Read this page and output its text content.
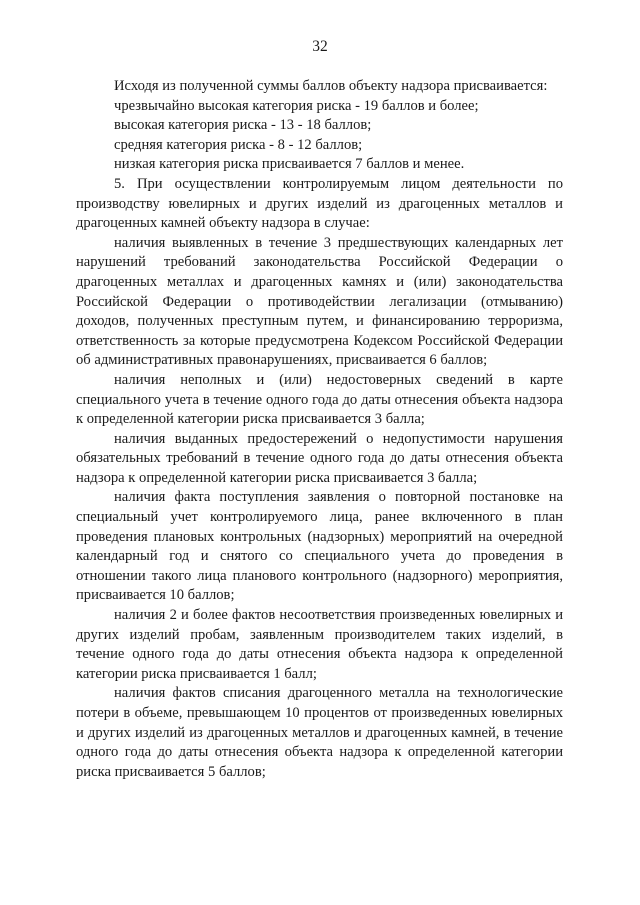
32

Исходя из полученной суммы баллов объекту надзора присваивается:

чрезвычайно высокая категория риска - 19 баллов и более;

высокая категория риска - 13 - 18 баллов;

средняя категория риска - 8 - 12 баллов;

низкая категория риска присваивается 7 баллов и менее.

5. При осуществлении контролируемым лицом деятельности по производству ювелирных и других изделий из драгоценных металлов и драгоценных камней объекту надзора в случае:

наличия выявленных в течение 3 предшествующих календарных лет нарушений требований законодательства Российской Федерации о драгоценных металлах и драгоценных камнях и (или) законодательства Российской Федерации о противодействии легализации (отмыванию) доходов, полученных преступным путем, и финансированию терроризма, ответственность за которые предусмотрена Кодексом Российской Федерации об административных правонарушениях, присваивается 6 баллов;

наличия неполных и (или) недостоверных сведений в карте специального учета в течение одного года до даты отнесения объекта надзора к определенной категории риска присваивается 3 балла;

наличия выданных предостережений о недопустимости нарушения обязательных требований в течение одного года до даты отнесения объекта надзора к определенной категории риска присваивается 3 балла;

наличия факта поступления заявления о повторной постановке на специальный учет контролируемого лица, ранее включенного в план проведения плановых контрольных (надзорных) мероприятий на очередной календарный год и снятого со специального учета до проведения в отношении такого лица планового контрольного (надзорного) мероприятия, присваивается 10 баллов;

наличия 2 и более фактов несоответствия произведенных ювелирных и других изделий пробам, заявленным производителем таких изделий, в течение одного года до даты отнесения объекта надзора к определенной категории риска присваивается 1 балл;

наличия фактов списания драгоценного металла на технологические потери в объеме, превышающем 10 процентов от произведенных ювелирных и других изделий из драгоценных металлов и драгоценных камней, в течение одного года до даты отнесения объекта надзора к определенной категории риска присваивается 5 баллов;
